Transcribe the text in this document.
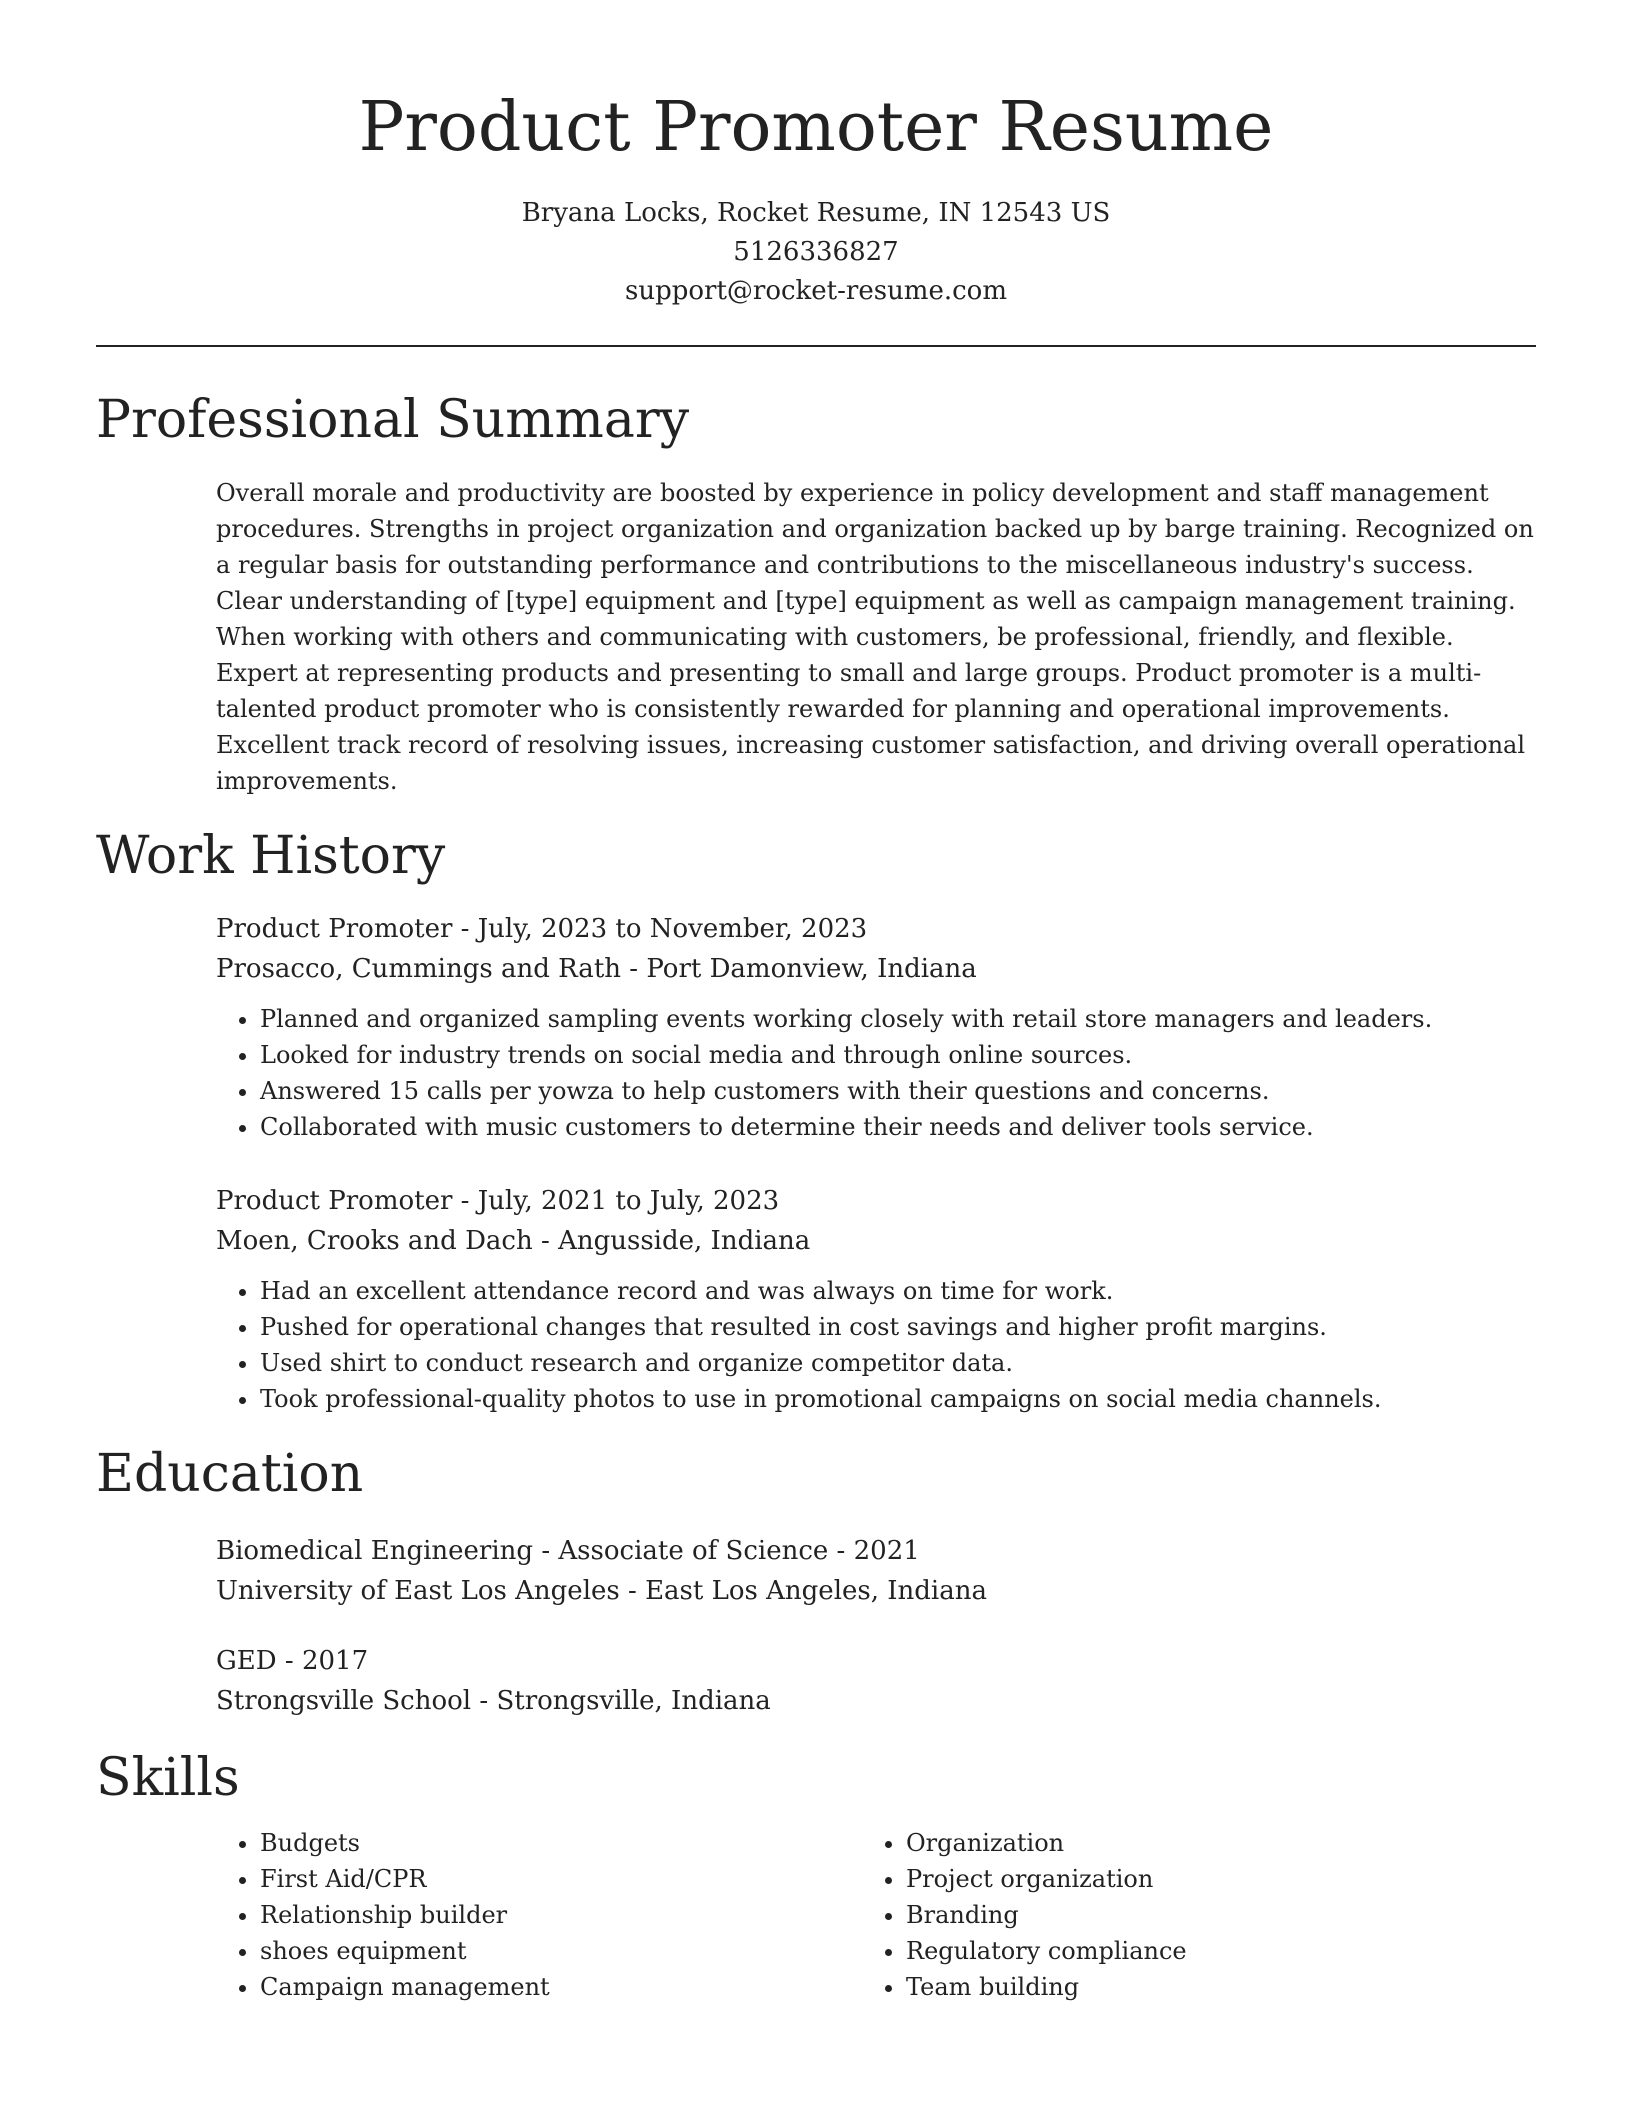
Product Promoter Resume
Bryana Locks, Rocket Resume, IN 12543 US
5126336827
support@rocket-resume.com
Professional Summary

Overall morale and productivity are boosted by experience in policy development and staff management procedures. Strengths in project organization and organization backed up by barge training. Recognized on a regular basis for outstanding performance and contributions to the miscellaneous industry's success. Clear understanding of [type] equipment and [type] equipment as well as campaign management training. When working with others and communicating with customers, be professional, friendly, and flexible. Expert at representing products and presenting to small and large groups. Product promoter is a multi-talented product promoter who is consistently rewarded for planning and operational improvements. Excellent track record of resolving issues, increasing customer satisfaction, and driving overall operational improvements.

Work History

Product Promoter - July, 2023 to November, 2023

Prosacco, Cummings and Rath - Port Damonview, Indiana

• Planned and organized sampling events working closely with retail store managers and leaders.
• Looked for industry trends on social media and through online sources.
• Answered 15 calls per yowza to help customers with their questions and concerns.
• Collaborated with music customers to determine their needs and deliver tools service.

Product Promoter - July, 2021 to July, 2023

Moen, Crooks and Dach - Angusside, Indiana

• Had an excellent attendance record and was always on time for work.
• Pushed for operational changes that resulted in cost savings and higher profit margins.
• Used shirt to conduct research and organize competitor data.
• Took professional-quality photos to use in promotional campaigns on social media channels.
Education

Biomedical Engineering - Associate of Science - 2021

University of East Los Angeles - East Los Angeles, Indiana

GED - 2017

Strongsville School - Strongsville, Indiana

Skills
• Budgets
• First Aid/CPR
• Relationship builder
• shoes equipment
• Campaign management
• Organization
• Project organization
• Branding
• Regulatory compliance
• Team building
